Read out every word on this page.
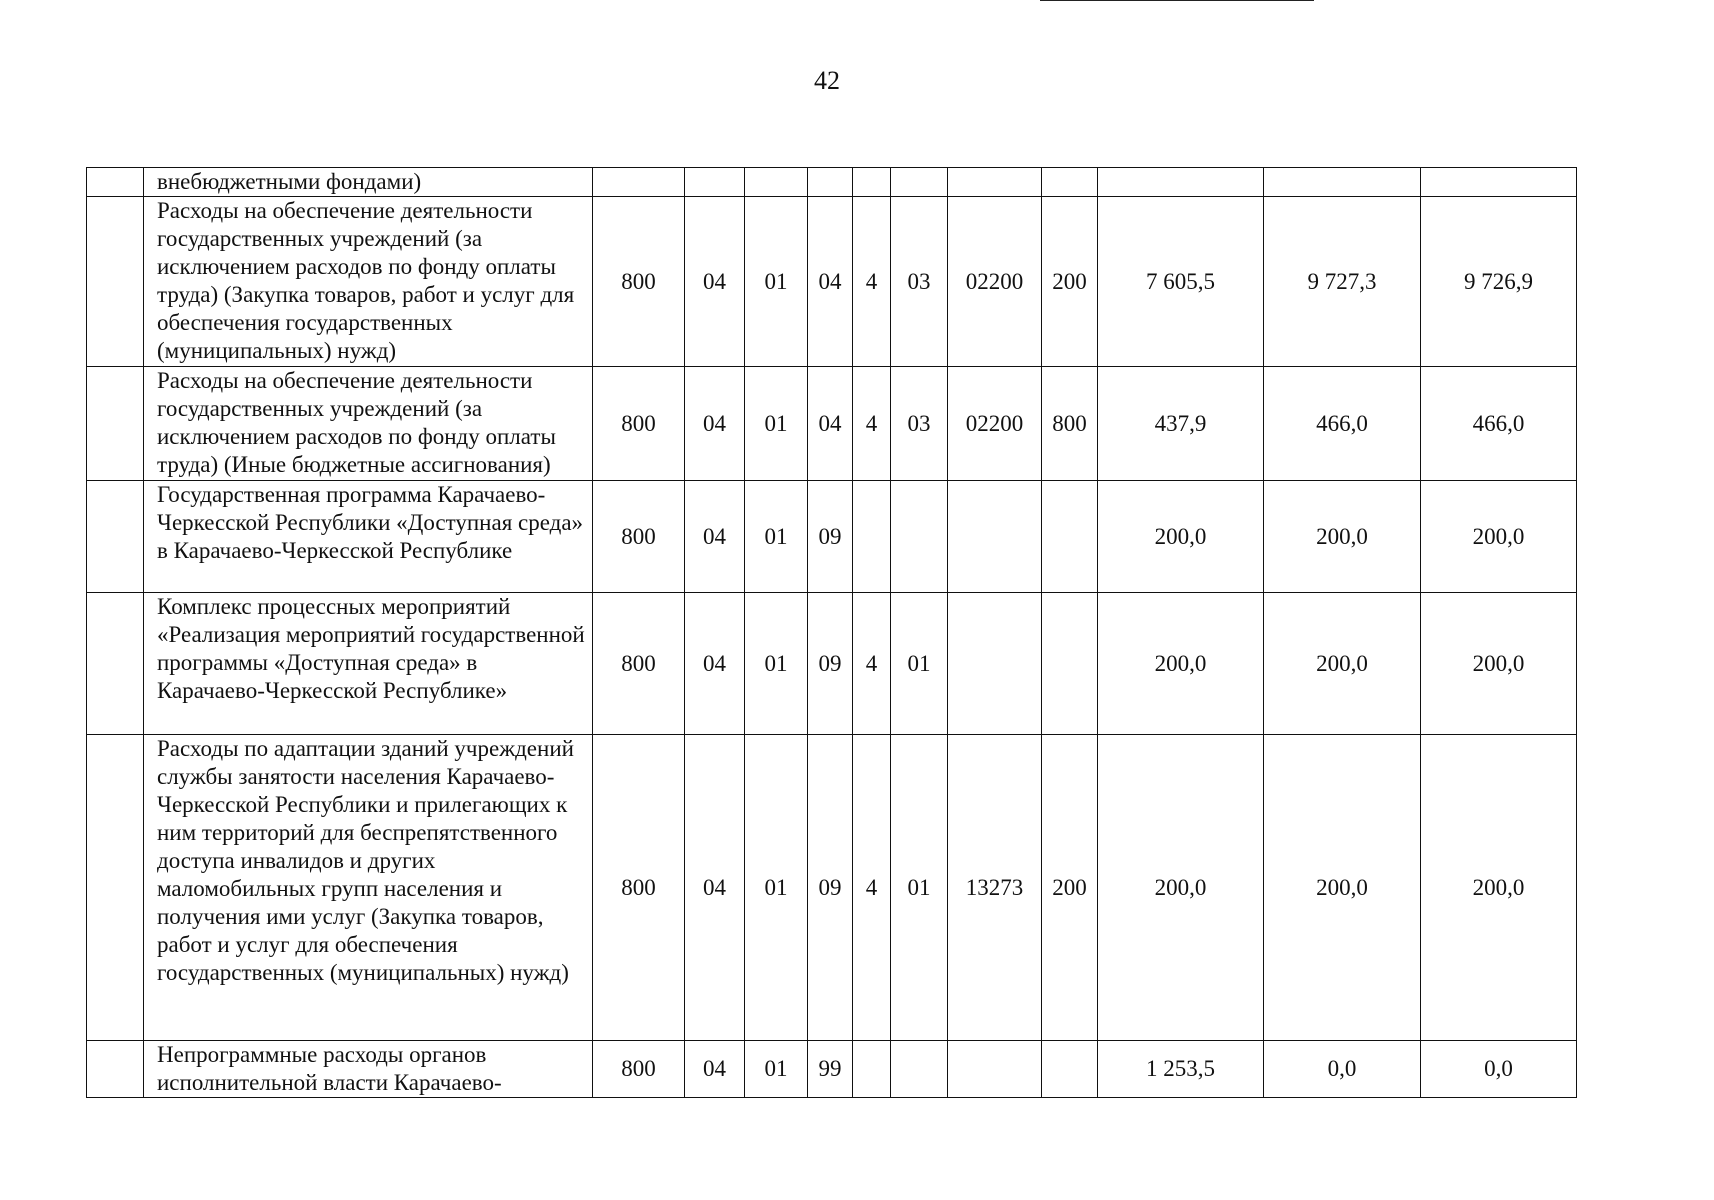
42
	внебюджетными фондами)											
	Расходы на обеспечение деятельности государственных учреждений (за исключением расходов по фонду оплаты труда) (Закупка товаров, работ и услуг для обеспечения государственных (муниципальных) нужд)	800	04	01	04	4	03	02200	200	7 605,5	9 727,3	9 726,9
	Расходы на обеспечение деятельности государственных учреждений (за исключением расходов по фонду оплаты труда) (Иные бюджетные ассигнования)	800	04	01	04	4	03	02200	800	437,9	466,0	466,0
	Государственная программа Карачаево-Черкесской Республики «Доступная среда» в Карачаево-Черкесской Республике	800	04	01	09					200,0	200,0	200,0
	Комплекс процессных мероприятий «Реализация мероприятий государственной программы «Доступная среда» в Карачаево-Черкесской Республике»	800	04	01	09	4	01			200,0	200,0	200,0
	Расходы по адаптации зданий учреждений службы занятости населения Карачаево-Черкесской Республики и прилегающих к ним территорий для беспрепятственного доступа инвалидов и других маломобильных групп населения и получения ими услуг (Закупка товаров, работ и услуг для обеспечения государственных (муниципальных) нужд)	800	04	01	09	4	01	13273	200	200,0	200,0	200,0
	Непрограммные расходы органов исполнительной власти Карачаево-	800	04	01	99					1 253,5	0,0	0,0
